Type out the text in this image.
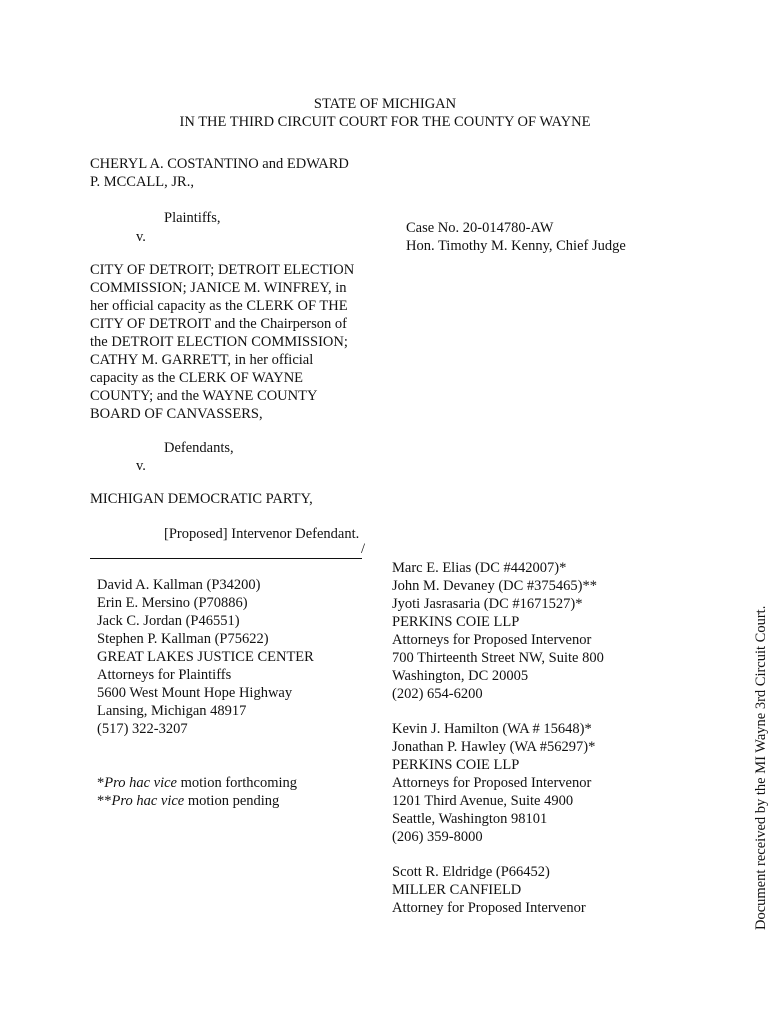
STATE OF MICHIGAN
IN THE THIRD CIRCUIT COURT FOR THE COUNTY OF WAYNE
CHERYL A. COSTANTINO and EDWARD
P. MCCALL, JR.,
Plaintiffs,
v.
Case No. 20-014780-AW
Hon. Timothy M. Kenny, Chief Judge
CITY OF DETROIT; DETROIT ELECTION
COMMISSION; JANICE M. WINFREY, in
her official capacity as the CLERK OF THE
CITY OF DETROIT and the Chairperson of
the DETROIT ELECTION COMMISSION;
CATHY M. GARRETT, in her official
capacity as the CLERK OF WAYNE
COUNTY; and the WAYNE COUNTY
BOARD OF CANVASSERS,
Defendants,
v.
MICHIGAN DEMOCRATIC PARTY,
[Proposed] Intervenor Defendant.
/
David A. Kallman (P34200)
Erin E. Mersino (P70886)
Jack C. Jordan (P46551)
Stephen P. Kallman (P75622)
GREAT LAKES JUSTICE CENTER
Attorneys for Plaintiffs
5600 West Mount Hope Highway
Lansing, Michigan 48917
(517) 322-3207
*Pro hac vice motion forthcoming
**Pro hac vice motion pending
Marc E. Elias (DC #442007)*
John M. Devaney (DC #375465)**
Jyoti Jasrasaria (DC #1671527)*
PERKINS COIE LLP
Attorneys for Proposed Intervenor
700 Thirteenth Street NW, Suite 800
Washington, DC 20005
(202) 654-6200
Kevin J. Hamilton (WA # 15648)*
Jonathan P. Hawley (WA #56297)*
PERKINS COIE LLP
Attorneys for Proposed Intervenor
1201 Third Avenue, Suite 4900
Seattle, Washington 98101
(206) 359-8000
Scott R. Eldridge (P66452)
MILLER CANFIELD
Attorney for Proposed Intervenor	Document received by the MI Wayne 3rd Circuit Court.
